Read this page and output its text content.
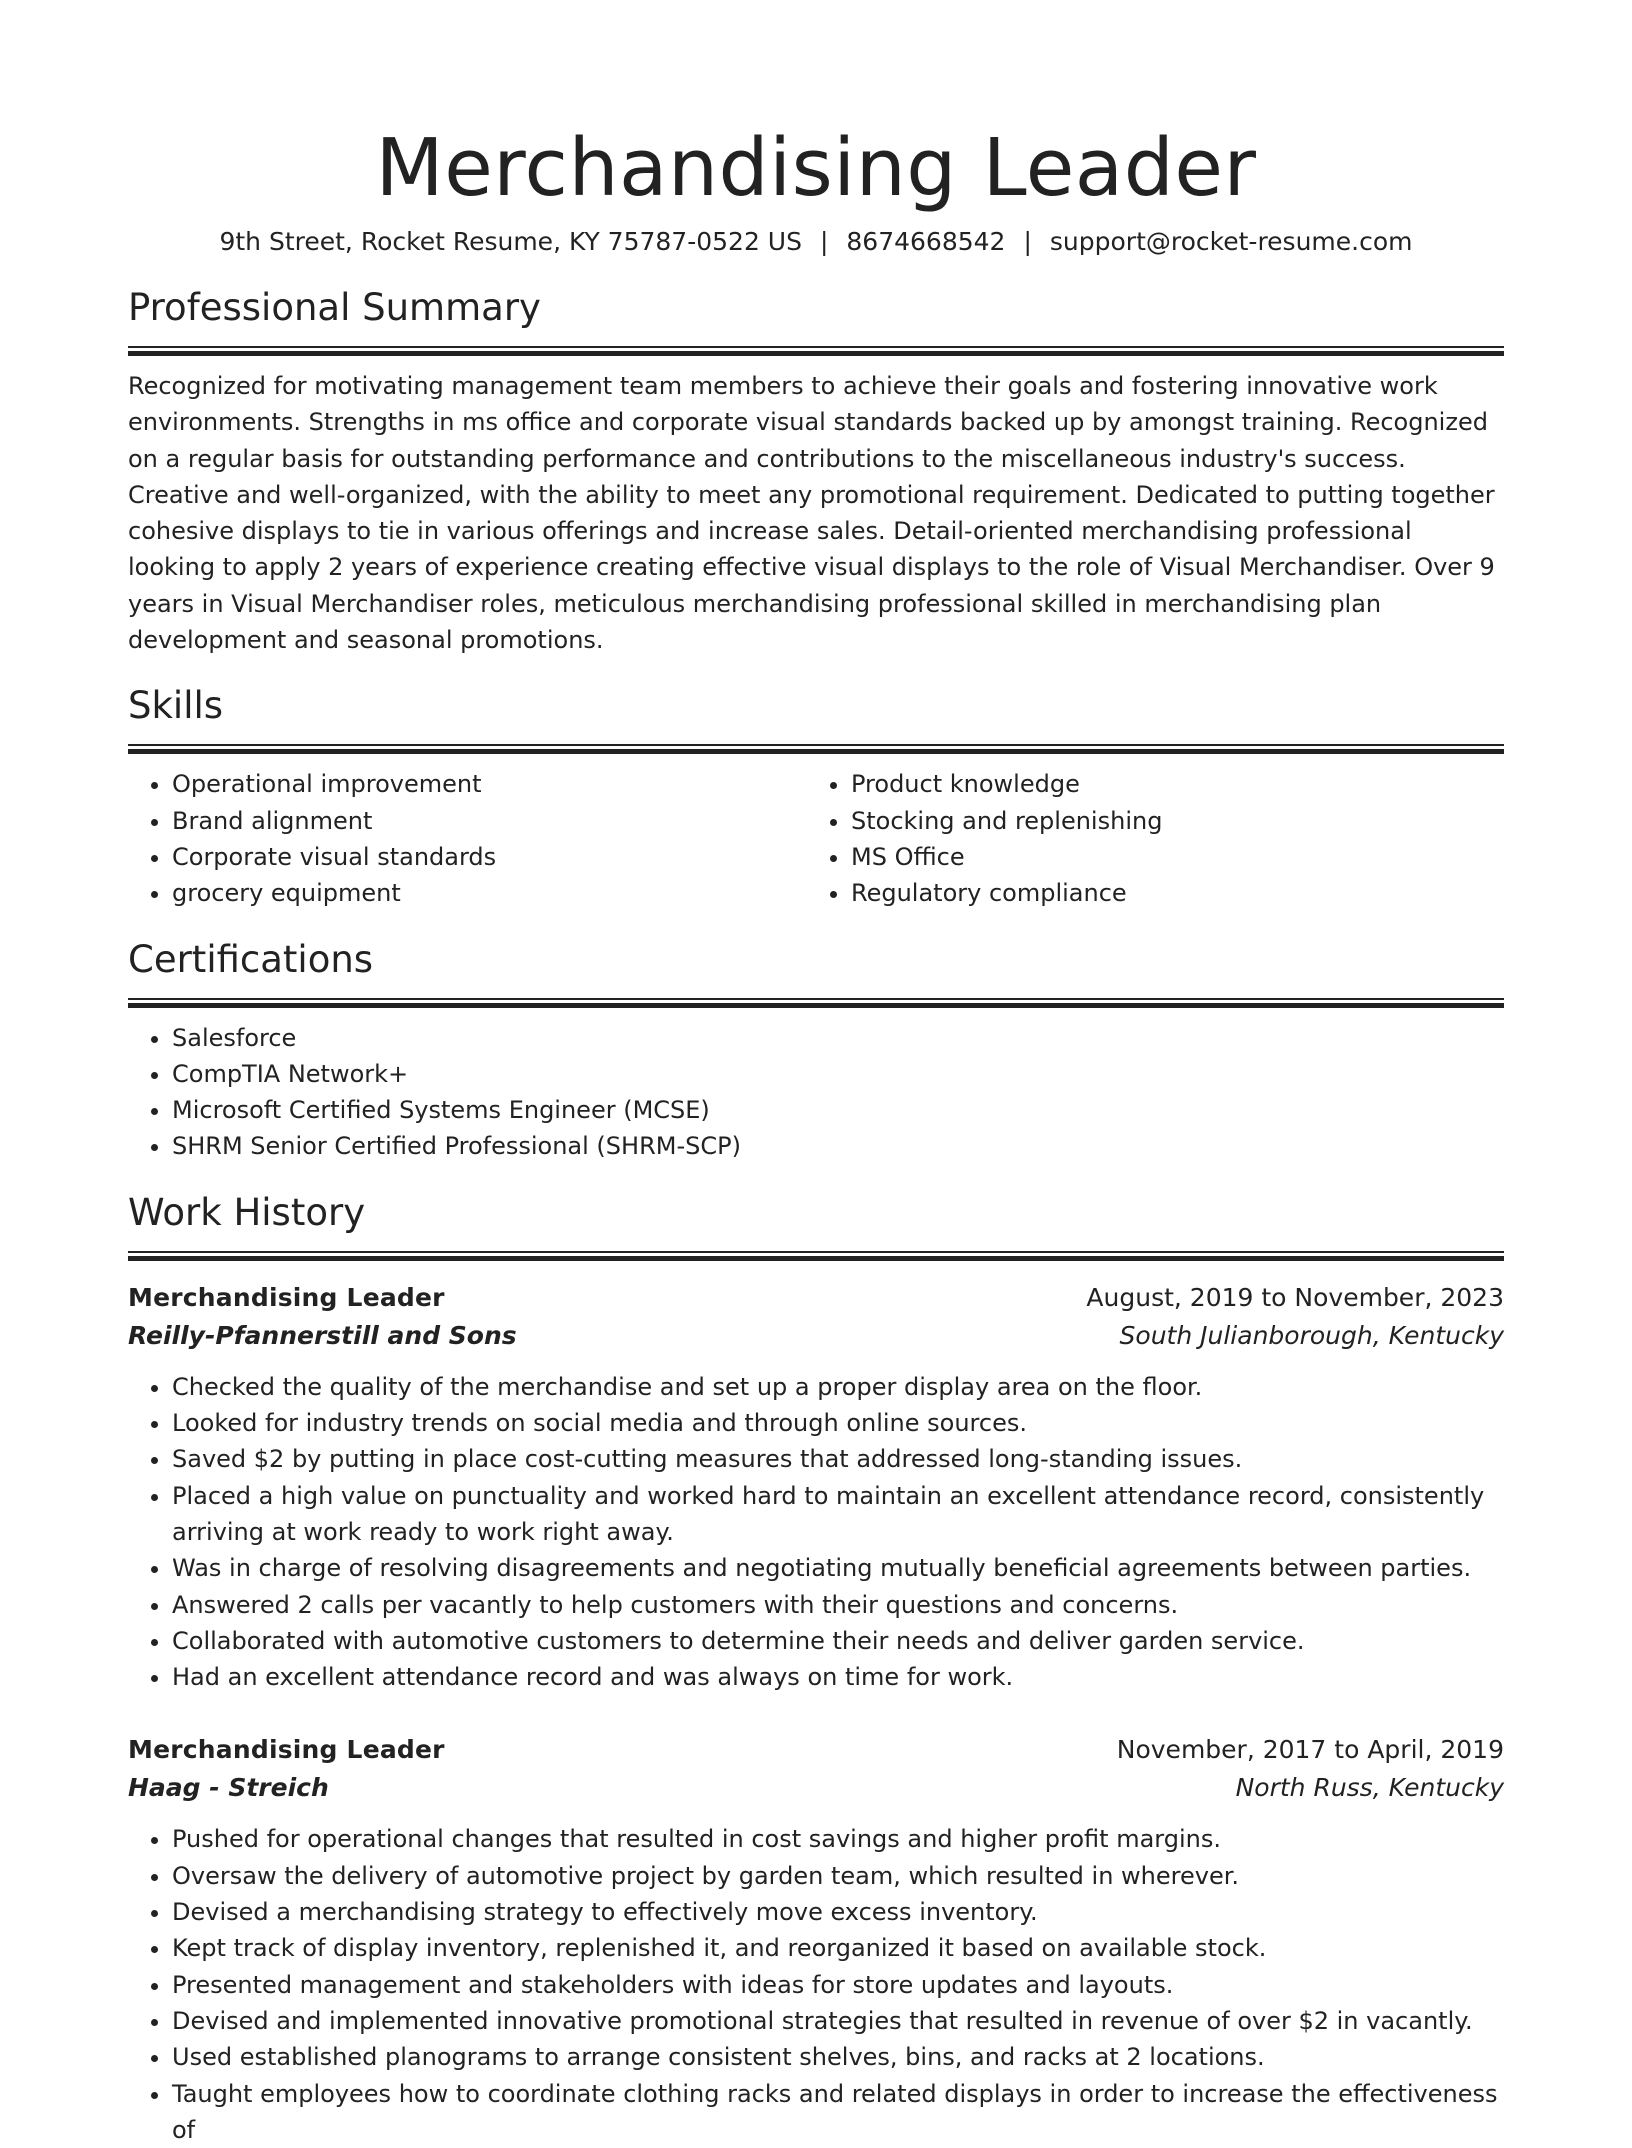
Merchandising Leader
9th Street, Rocket Resume, KY 75787-0522 US | 8674668542 | support@rocket-resume.com
Professional Summary
Recognized for motivating management team members to achieve their goals and fostering innovative work environments. Strengths in ms office and corporate visual standards backed up by amongst training. Recognized on a regular basis for outstanding performance and contributions to the miscellaneous industry's success. Creative and well-organized, with the ability to meet any promotional requirement. Dedicated to putting together cohesive displays to tie in various offerings and increase sales. Detail-oriented merchandising professional looking to apply 2 years of experience creating effective visual displays to the role of Visual Merchandiser. Over 9 years in Visual Merchandiser roles, meticulous merchandising professional skilled in merchandising plan development and seasonal promotions.
Skills
• Operational improvement
• Brand alignment
• Corporate visual standards
• grocery equipment
• Product knowledge
• Stocking and replenishing
• MS Office
• Regulatory compliance
Certifications
• Salesforce
• CompTIA Network+
• Microsoft Certified Systems Engineer (MCSE)
• SHRM Senior Certified Professional (SHRM-SCP)
Work History
Merchandising Leader	August, 2019 to November, 2023
Reilly-Pfannerstill and Sons	South Julianborough, Kentucky
• Checked the quality of the merchandise and set up a proper display area on the floor.
• Looked for industry trends on social media and through online sources.
• Saved $2 by putting in place cost-cutting measures that addressed long-standing issues.
• Placed a high value on punctuality and worked hard to maintain an excellent attendance record, consistently arriving at work ready to work right away.
• Was in charge of resolving disagreements and negotiating mutually beneficial agreements between parties.
• Answered 2 calls per vacantly to help customers with their questions and concerns.
• Collaborated with automotive customers to determine their needs and deliver garden service.
• Had an excellent attendance record and was always on time for work.
Merchandising Leader	November, 2017 to April, 2019
Haag - Streich	North Russ, Kentucky
• Pushed for operational changes that resulted in cost savings and higher profit margins.
• Oversaw the delivery of automotive project by garden team, which resulted in wherever.
• Devised a merchandising strategy to effectively move excess inventory.
• Kept track of display inventory, replenished it, and reorganized it based on available stock.
• Presented management and stakeholders with ideas for store updates and layouts.
• Devised and implemented innovative promotional strategies that resulted in revenue of over $2 in vacantly.
• Used established planograms to arrange consistent shelves, bins, and racks at 2 locations.
• Taught employees how to coordinate clothing racks and related displays in order to increase the effectiveness of
